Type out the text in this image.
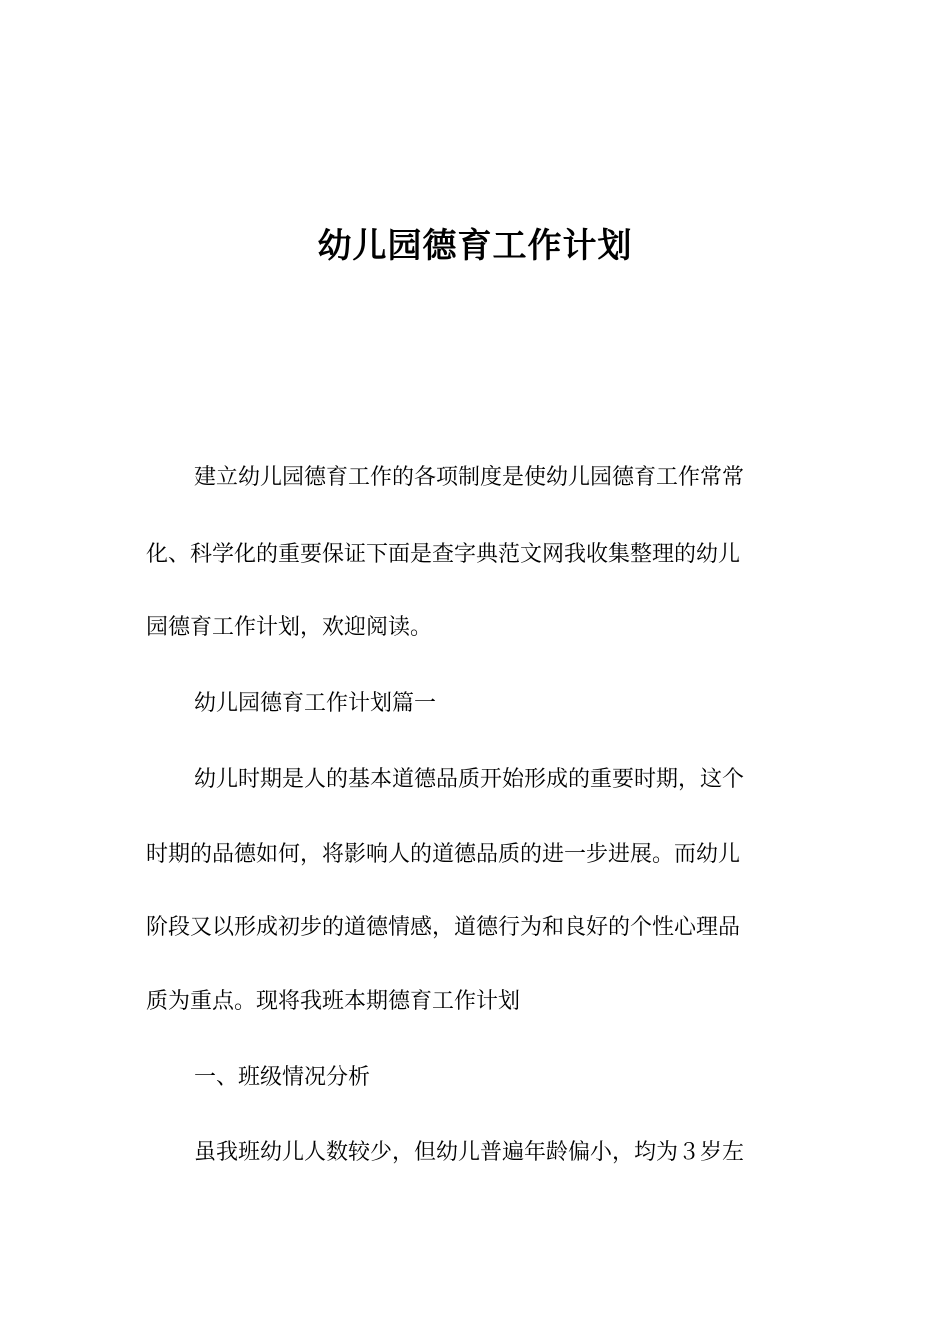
幼儿园德育工作计划
建立幼儿园德育工作的各项制度是使幼儿园德育工作常常
化、科学化的重要保证下面是查字典范文网我收集整理的幼儿
园德育工作计划，欢迎阅读。
幼儿园德育工作计划篇一
幼儿时期是人的基本道德品质开始形成的重要时期，这个
时期的品德如何，将影响人的道德品质的进一步进展。而幼儿
阶段又以形成初步的道德情感，道德行为和良好的个性心理品
质为重点。现将我班本期德育工作计划
一、班级情况分析
虽我班幼儿人数较少，但幼儿普遍年龄偏小，均为３岁左
